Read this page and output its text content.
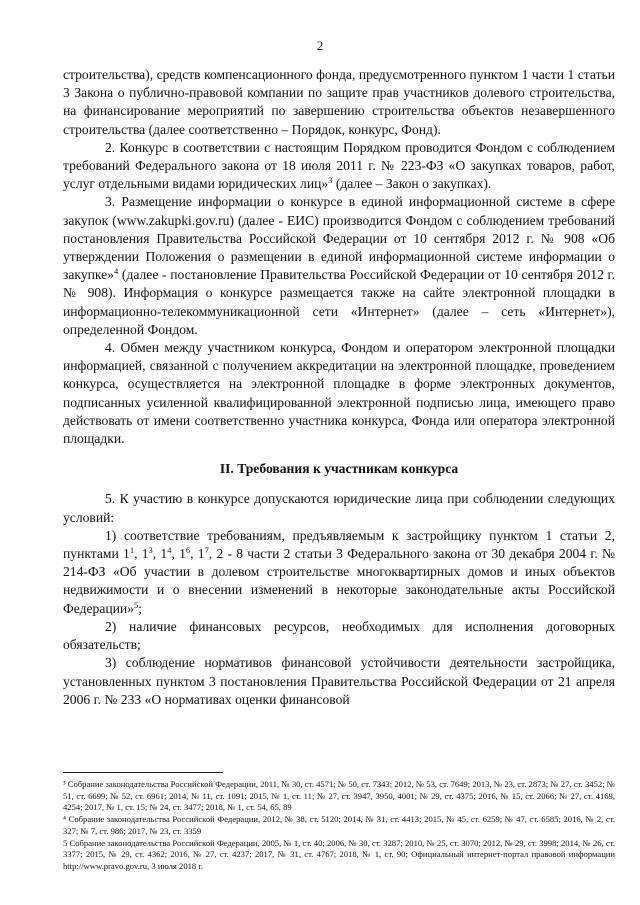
2

строительства), средств компенсационного фонда, предусмотренного пунктом 1 части 1 статьи 3 Закона о публично-правовой компании по защите прав участников долевого строительства, на финансирование мероприятий по завершению строительства объектов незавершенного строительства (далее соответственно – Порядок, конкурс, Фонд).

2. Конкурс в соответствии с настоящим Порядком проводится Фондом с соблюдением требований Федерального закона от 18 июля 2011 г. № 223-ФЗ «О закупках товаров, работ, услуг отдельными видами юридических лиц»$^3$ (далее – Закон о закупках).

3. Размещение информации о конкурсе в единой информационной системе в сфере закупок (www.zakupki.gov.ru) (далее - ЕИС) производится Фондом с соблюдением требований постановления Правительства Российской Федерации от 10 сентября 2012 г. № 908 «Об утверждении Положения о размещении в единой информационной системе информации о закупке»$^4$ (далее - постановление Правительства Российской Федерации от 10 сентября 2012 г. № 908). Информация о конкурсе размещается также на сайте электронной площадки в информационно-телекоммуникационной сети «Интернет» (далее – сеть «Интернет»), определенной Фондом.

4. Обмен между участником конкурса, Фондом и оператором электронной площадки информацией, связанной с получением аккредитации на электронной площадке, проведением конкурса, осуществляется на электронной площадке в форме электронных документов, подписанных усиленной квалифицированной электронной подписью лица, имеющего право действовать от имени соответственно участника конкурса, Фонда или оператора электронной площадки.

II. Требования к участникам конкурса

5. К участию в конкурсе допускаются юридические лица при соблюдении следующих условий:

1) соответствие требованиям, предъявляемым к застройщику пунктом 1 статьи 2, пунктами $1^1$, $1^3$, $1^4$, $1^6$, $1^7$, 2 - 8 части 2 статьи 3 Федерального закона от 30 декабря 2004 г. № 214-ФЗ «Об участии в долевом строительстве многоквартирных домов и иных объектов недвижимости и о внесении изменений в некоторые законодательные акты Российской Федерации»$^5$;

2) наличие финансовых ресурсов, необходимых для исполнения договорных обязательств;

3) соблюдение нормативов финансовой устойчивости деятельности застройщика, установленных пунктом 3 постановления Правительства Российской Федерации от 21 апреля 2006 г. № 233 «О нормативах оценки финансовой

³ Собрание законодательства Российской Федерации, 2011, № 30, ст. 4571; № 50, ст. 7343; 2012, № 53, ст. 7649; 2013, № 23, ст. 2873; № 27, ст. 3452; № 51, ст. 6699; № 52, ст. 6961; 2014, № 11, ст. 1091; 2015, № 1, ст. 11; № 27, ст. 3947, 3950, 4001; № 29, ст. 4375; 2016, № 15, ст. 2066; № 27, ст. 4169, 4254; 2017, № 1, ст. 15; № 24, ст. 3477; 2018, № 1, ст. 54, 65, 89

⁴ Собрание законодательства Российской Федерации, 2012, № 38, ст. 5120; 2014, № 31, ст. 4413; 2015, № 45, ст. 6259; № 47, ст. 6585; 2016, № 2, ст. 327; № 7, ст. 986; 2017, № 23, ст. 3359

5 Собрание законодательства Российской Федерации, 2005, № 1, ст. 40; 2006, № 30, ст. 3287; 2010, № 25, ст. 3070; 2012, № 29, ст. 3998; 2014, № 26, ст. 3377; 2015, № 29, ст. 4362; 2016, № 27, ст. 4237; 2017, № 31, ст. 4767; 2018, № 1, ст. 90; Официальный интернет-портал правовой информации http://www.pravo.gov.ru, 3 июля 2018 г.
